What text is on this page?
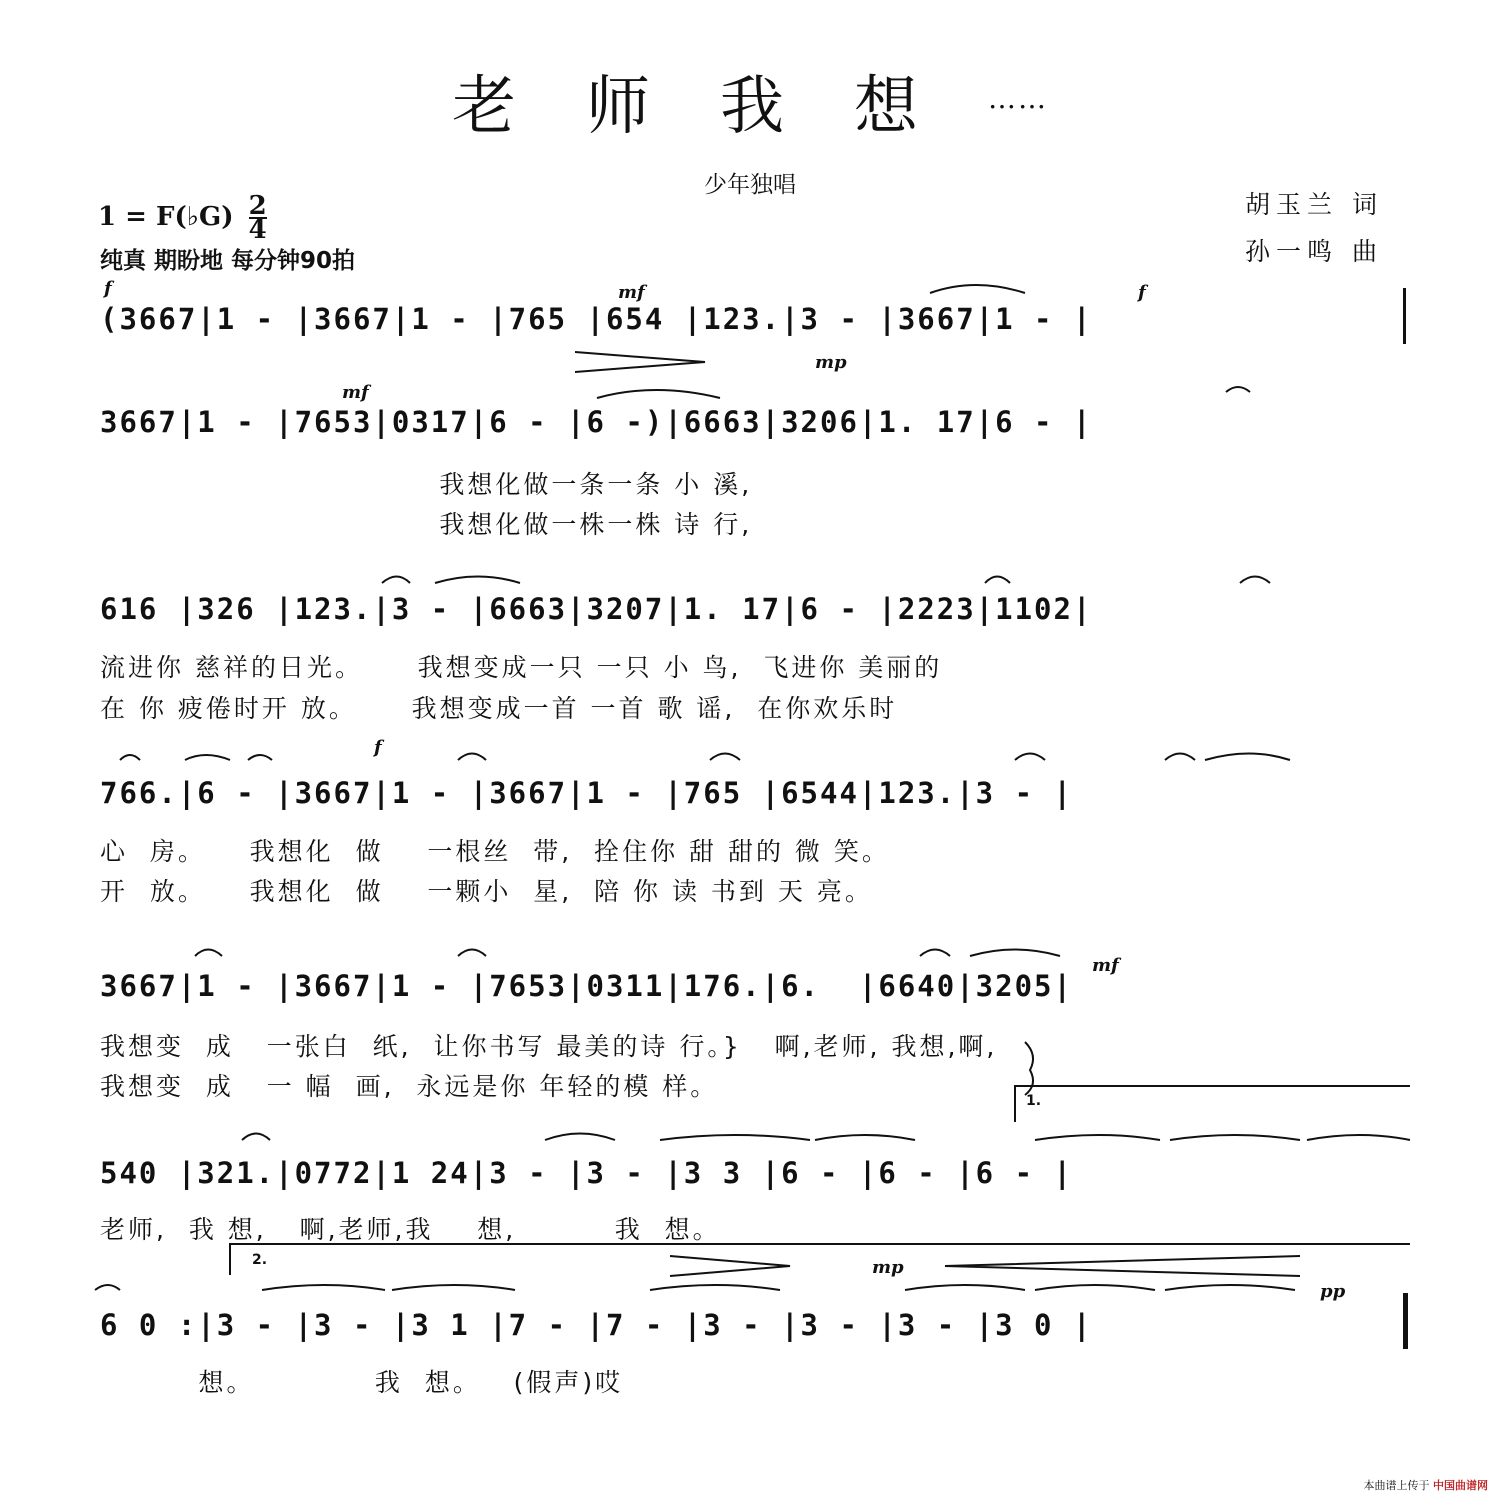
老师我想……
少年独唱
1 = F(♭G) $\frac{2}{4}$
纯真 期盼地 每分钟90拍
胡玉兰 词
孙一鸣 曲
(3667|1 - |3667|1 - |765 |654 |123.|3 - |3667|1 - |
3667|1 - |7653|0317|6 - |6 -)|6663|3206|1. 17|6 - |
我想化做一条一条 小 溪,
我想化做一株一株 诗 行,
616 |326 |123.|3 - |6663|3207|1. 17|6 - |2223|1102|
流进你 慈祥的日光。     我想变成一只 一只 小 鸟,  飞进你 美丽的
在 你 疲倦时开 放。     我想变成一首 一首 歌 谣,  在你欢乐时
766.|6 - |3667|1 - |3667|1 - |765 |6544|123.|3 - |
心  房。    我想化  做    一根丝  带,  拴住你 甜 甜的 微 笑。
开  放。    我想化  做    一颗小  星,  陪 你 读 书到 天 亮。
3667|1 - |3667|1 - |7653|0311|176.|6.  |6640|3205|
我想变  成   一张白  纸,  让你书写 最美的诗 行。}   啊,老师, 我想,啊,
我想变  成   一 幅  画,  永远是你 年轻的模 样。
540 |321.|0772|1 24|3 - |3 - |3 3 |6 - |6 - |6 - |
老师,  我 想,   啊,老师,我    想,         我  想。
6 0 :|3 - |3 - |3 1 |7 - |7 - |3 - |3 - |3 - |3 0 |
想。           我  想。   (假声)哎
f	mf
mp
f
mf
f
mf
mp
pp
1.
2.
本曲谱上传于 中国曲谱网
